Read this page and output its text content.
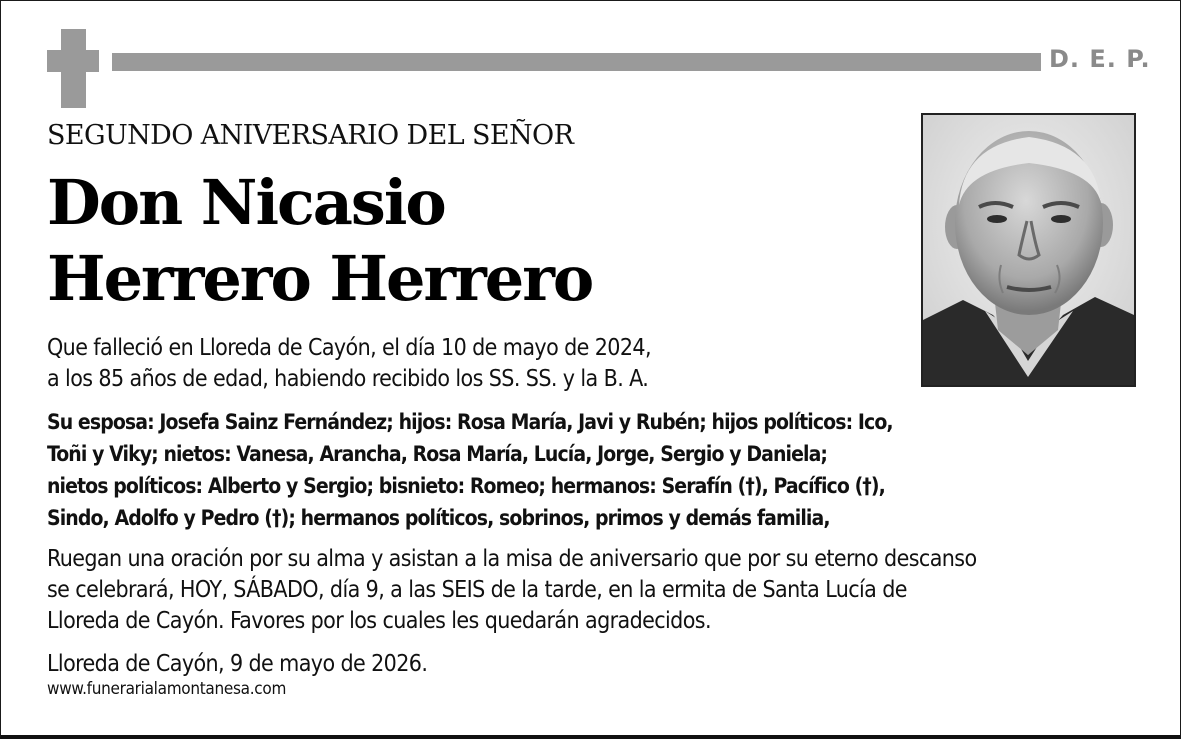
D. E. P.
SEGUNDO ANIVERSARIO DEL SEÑOR
Don Nicasio
Herrero Herrero
Que falleció en Lloreda de Cayón, el día 10 de mayo de 2024,
a los 85 años de edad, habiendo recibido los SS. SS. y la B. A.
Su esposa: Josefa Sainz Fernández; hijos: Rosa María, Javi y Rubén; hijos políticos: Ico,
Toñi y Viky; nietos: Vanesa, Arancha, Rosa María, Lucía, Jorge, Sergio y Daniela;
nietos políticos: Alberto y Sergio; bisnieto: Romeo; hermanos: Serafín (†), Pacífico (†),
Sindo, Adolfo y Pedro (†); hermanos políticos, sobrinos, primos y demás familia,
Ruegan una oración por su alma y asistan a la misa de aniversario que por su eterno descanso
se celebrará, HOY, SÁBADO, día 9, a las SEIS de la tarde, en la ermita de Santa Lucía de
Lloreda de Cayón. Favores por los cuales les quedarán agradecidos.
Lloreda de Cayón, 9 de mayo de 2026.
www.funerarialamontanesa.com
